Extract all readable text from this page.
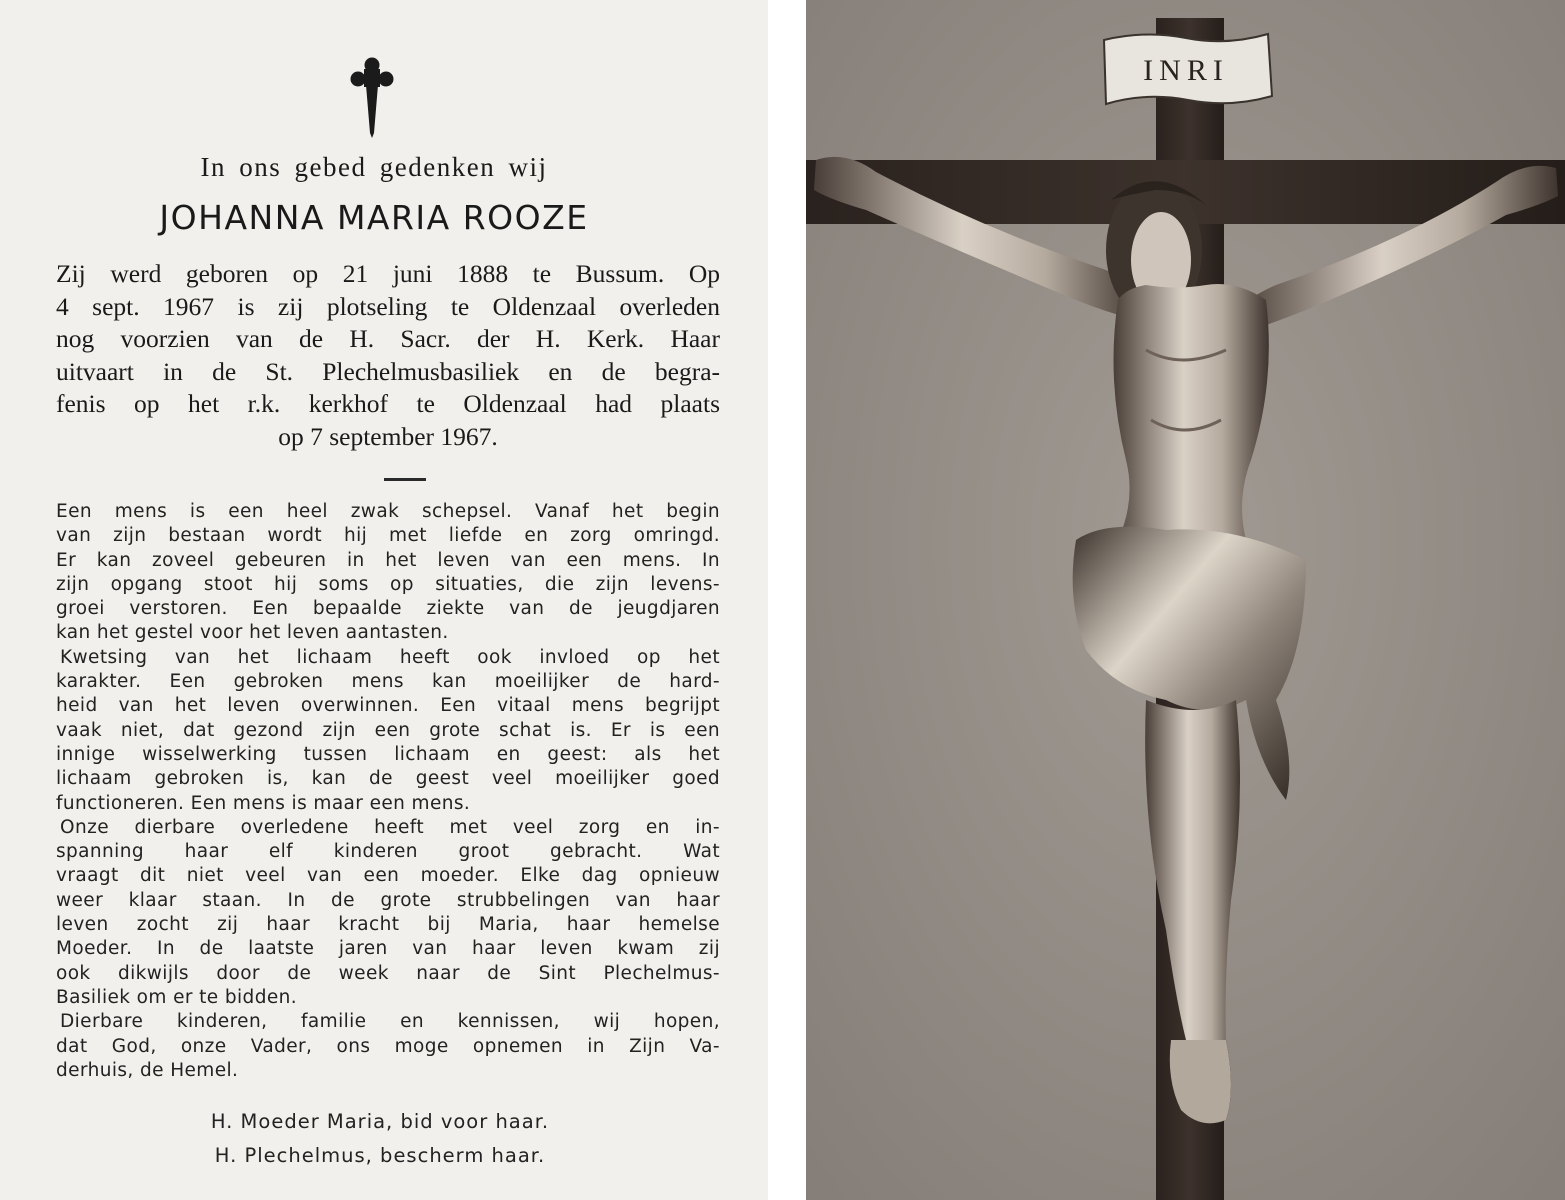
In ons gebed gedenken wij
JOHANNA MARIA ROOZE
Zij werd geboren op 21 juni 1888 te Bussum. Op
4 sept. 1967 is zij plotseling te Oldenzaal overleden
nog voorzien van de H. Sacr. der H. Kerk. Haar
uitvaart in de St. Plechelmusbasiliek en de begra-
fenis op het r.k. kerkhof te Oldenzaal had plaats
op 7 september 1967.
Een mens is een heel zwak schepsel. Vanaf het begin
van zijn bestaan wordt hij met liefde en zorg omringd.
Er kan zoveel gebeuren in het leven van een mens. In
zijn opgang stoot hij soms op situaties, die zijn levens-
groei verstoren. Een bepaalde ziekte van de jeugdjaren
kan het gestel voor het leven aantasten.
Kwetsing van het lichaam heeft ook invloed op het
karakter. Een gebroken mens kan moeilijker de hard-
heid van het leven overwinnen. Een vitaal mens begrijpt
vaak niet, dat gezond zijn een grote schat is. Er is een
innige wisselwerking tussen lichaam en geest: als het
lichaam gebroken is, kan de geest veel moeilijker goed
functioneren. Een mens is maar een mens.
Onze dierbare overledene heeft met veel zorg en in-
spanning haar elf kinderen groot gebracht. Wat
vraagt dit niet veel van een moeder. Elke dag opnieuw
weer klaar staan. In de grote strubbelingen van haar
leven zocht zij haar kracht bij Maria, haar hemelse
Moeder. In de laatste jaren van haar leven kwam zij
ook dikwijls door de week naar de Sint Plechelmus-
Basiliek om er te bidden.
Dierbare kinderen, familie en kennissen, wij hopen,
dat God, onze Vader, ons moge opnemen in Zijn Va-
derhuis, de Hemel.
H. Moeder Maria, bid voor haar.
H. Plechelmus, bescherm haar.
INRI
